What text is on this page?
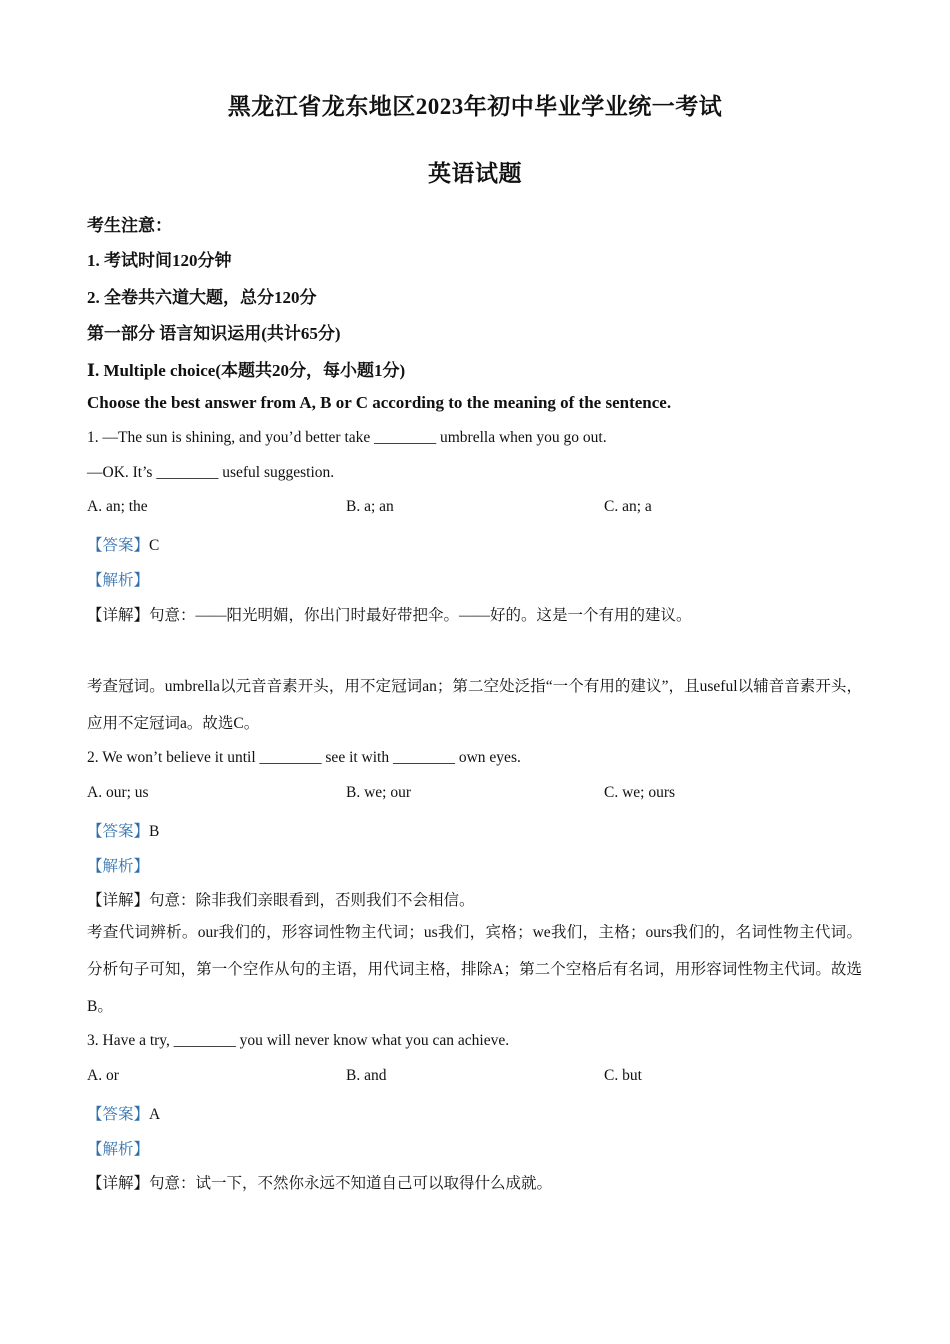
黑龙江省龙东地区2023年初中毕业学业统一考试
英语试题
考生注意：
1. 考试时间120分钟
2. 全卷共六道大题，总分120分
第一部分 语言知识运用(共计65分)
Ⅰ. Multiple choice(本题共20分，每小题1分)
Choose the best answer from A, B or C according to the meaning of the sentence.
1. —The sun is shining, and you’d better take ________ umbrella when you go out.
—OK. It’s ________ useful suggestion.
A. an; the	B. a; an	C. an; a
【答案】C
【解析】
【详解】句意：——阳光明媚，你出门时最好带把伞。——好的。这是一个有用的建议。
考查冠词。umbrella以元音音素开头，用不定冠词an；第二空处泛指“一个有用的建议”，且useful以辅音音素开头，应用不定冠词a。故选C。
2. We won’t believe it until ________ see it with ________ own eyes.
A. our; us	B. we; our	C. we; ours
【答案】B
【解析】
【详解】句意：除非我们亲眼看到，否则我们不会相信。
考查代词辨析。our我们的，形容词性物主代词；us我们，宾格；we我们，主格；ours我们的，名词性物主代词。分析句子可知，第一个空作从句的主语，用代词主格，排除A；第二个空格后有名词，用形容词性物主代词。故选B。
3. Have a try, ________ you will never know what you can achieve.
A. or	B. and	C. but
【答案】A
【解析】
【详解】句意：试一下，不然你永远不知道自己可以取得什么成就。
